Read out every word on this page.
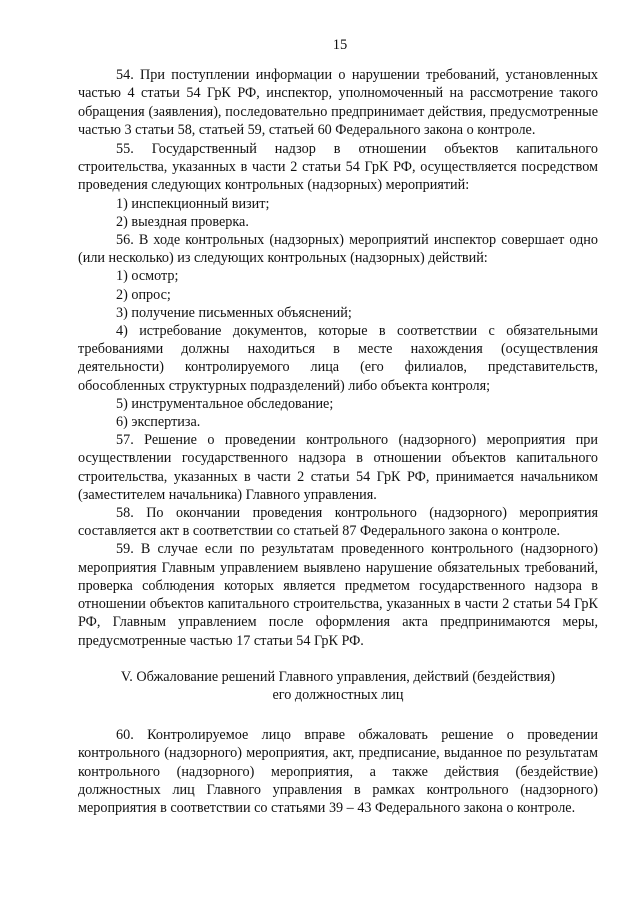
15

54. При поступлении информации о нарушении требований, установленных частью 4 статьи 54 ГрК РФ, инспектор, уполномоченный на рассмотрение такого обращения (заявления), последовательно предпринимает действия, предусмотренные частью 3 статьи 58, статьей 59, статьей 60 Федерального закона о контроле.

55. Государственный надзор в отношении объектов капитального строительства, указанных в части 2 статьи 54 ГрК РФ, осуществляется посредством проведения следующих контрольных (надзорных) мероприятий:

1) инспекционный визит;

2) выездная проверка.

56. В ходе контрольных (надзорных) мероприятий инспектор совершает одно (или несколько) из следующих контрольных (надзорных) действий:

1) осмотр;

2) опрос;

3) получение письменных объяснений;

4) истребование документов, которые в соответствии с обязательными требованиями должны находиться в месте нахождения (осуществления деятельности) контролируемого лица (его филиалов, представительств, обособленных структурных подразделений) либо объекта контроля;

5) инструментальное обследование;

6) экспертиза.

57. Решение о проведении контрольного (надзорного) мероприятия при осуществлении государственного надзора в отношении объектов капитального строительства, указанных в части 2 статьи 54 ГрК РФ, принимается начальником (заместителем начальника) Главного управления.

58. По окончании проведения контрольного (надзорного) мероприятия составляется акт в соответствии со статьей 87 Федерального закона о контроле.

59. В случае если по результатам проведенного контрольного (надзорного) мероприятия Главным управлением выявлено нарушение обязательных требований, проверка соблюдения которых является предметом государственного надзора в отношении объектов капитального строительства, указанных в части 2 статьи 54 ГрК РФ, Главным управлением после оформления акта предпринимаются меры, предусмотренные частью 17 статьи 54 ГрК РФ.

V. Обжалование решений Главного управления, действий (бездействия)

его должностных лиц

60. Контролируемое лицо вправе обжаловать решение о проведении контрольного (надзорного) мероприятия, акт, предписание, выданное по результатам контрольного (надзорного) мероприятия, а также действия (бездействие) должностных лиц Главного управления в рамках контрольного (надзорного) мероприятия в соответствии со статьями 39 – 43 Федерального закона о контроле.
